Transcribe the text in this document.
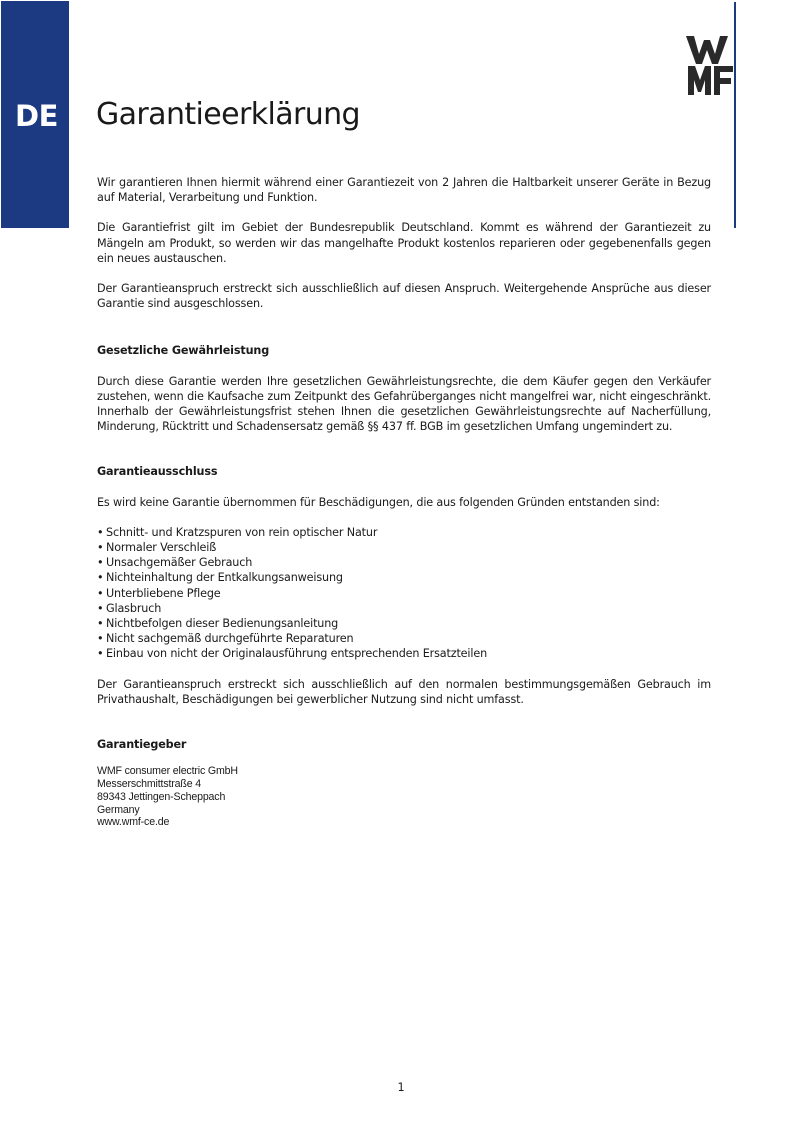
DE Garantieerklärung

Wir garantieren Ihnen hiermit während einer Garantiezeit von 2 Jahren die Haltbarkeit unserer Geräte in Bezug auf Material, Verarbeitung und Funktion.

Die Garantiefrist gilt im Gebiet der Bundesrepublik Deutschland. Kommt es während der Garantiezeit zu Mängeln am Produkt, so werden wir das mangelhafte Produkt kostenlos reparieren oder gegebenenfalls gegen ein neues austauschen.

Der Garantieanspruch erstreckt sich ausschließlich auf diesen Anspruch. Weitergehende Ansprüche aus dieser Garantie sind ausgeschlossen.

Gesetzliche Gewährleistung

Durch diese Garantie werden Ihre gesetzlichen Gewährleistungsrechte, die dem Käufer gegen den Verkäufer zustehen, wenn die Kaufsache zum Zeitpunkt des Gefahrüberganges nicht mangelfrei war, nicht eingeschränkt. Innerhalb der Gewährleistungsfrist stehen Ihnen die gesetzlichen Gewährleistungsrechte auf Nacherfüllung, Minderung, Rücktritt und Schadensersatz gemäß §§ 437 ff. BGB im gesetzlichen Umfang ungemindert zu.

Garantieausschluss

Es wird keine Garantie übernommen für Beschädigungen, die aus folgenden Gründen entstanden sind:

• Schnitt- und Kratzspuren von rein optischer Natur
• Normaler Verschleiß
• Unsachgemäßer Gebrauch
• Nichteinhaltung der Entkalkungsanweisung
• Unterbliebene Pflege
• Glasbruch
• Nichtbefolgen dieser Bedienungsanleitung
• Nicht sachgemäß durchgeführte Reparaturen
• Einbau von nicht der Originalausführung entsprechenden Ersatzteilen

Der Garantieanspruch erstreckt sich ausschließlich auf den normalen bestimmungsgemäßen Gebrauch im Privathaushalt, Beschädigungen bei gewerblicher Nutzung sind nicht umfasst.

Garantiegeber
WMF consumer electric GmbH
Messerschmittstraße 4
89343 Jettingen-Scheppach
Germany
www.wmf-ce.de
1
